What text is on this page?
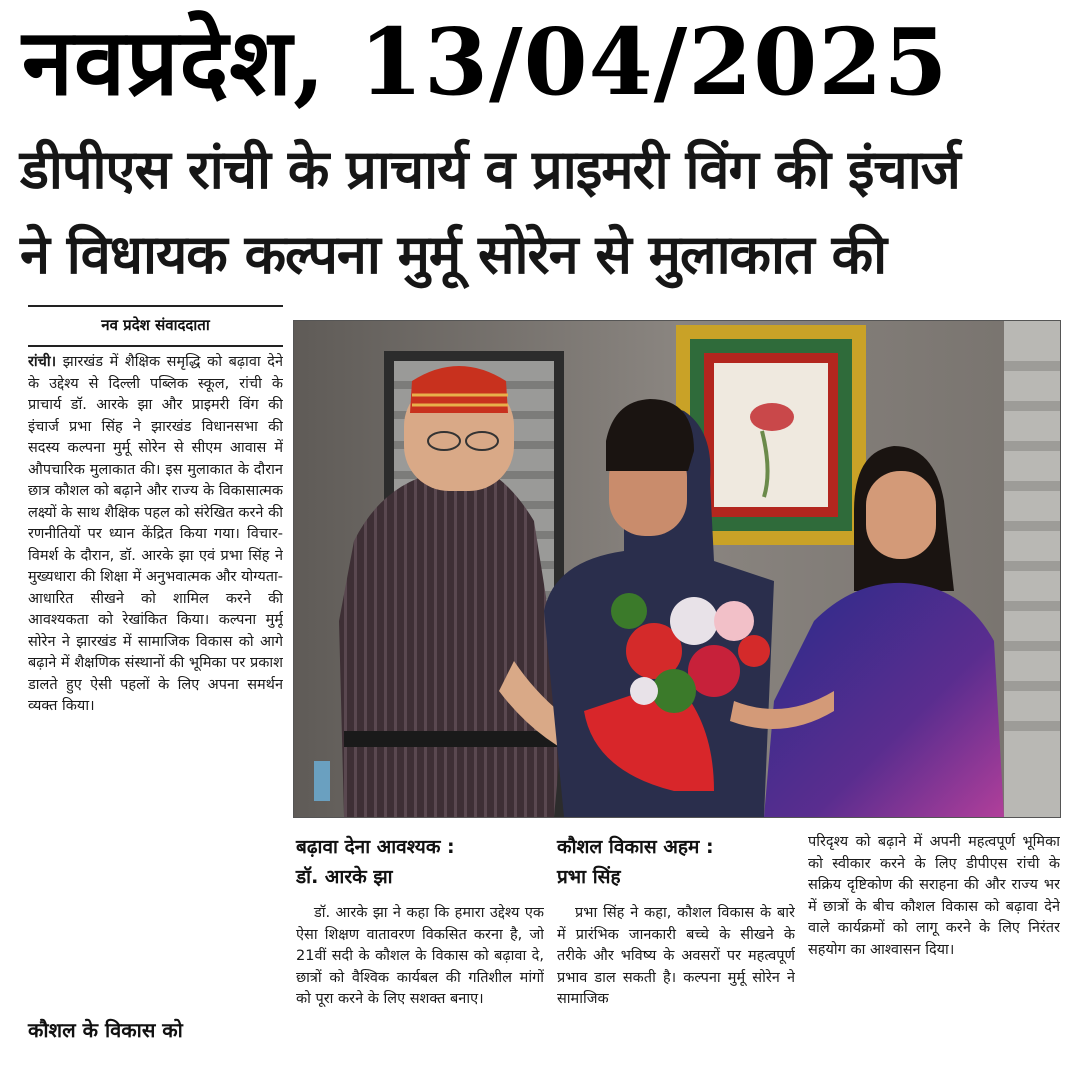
नवप्रदेश, 13/04/2025
डीपीएस रांची के प्राचार्य व प्राइमरी विंग की इंचार्ज
ने विधायक कल्पना मुर्मू सोरेन से मुलाकात की
नव प्रदेश संवाददाता
रांची। झारखंड में शैक्षिक समृद्धि को बढ़ावा देने के उद्देश्य से दिल्ली पब्लिक स्कूल, रांची के प्राचार्य डॉ. आरके झा और प्राइमरी विंग की इंचार्ज प्रभा सिंह ने झारखंड विधानसभा की सदस्य कल्पना मुर्मू सोरेन से सीएम आवास में औपचारिक मुलाकात की। इस मुलाकात के दौरान छात्र कौशल को बढ़ाने और राज्य के विकासात्मक लक्ष्यों के साथ शैक्षिक पहल को संरेखित करने की रणनीतियों पर ध्यान केंद्रित किया गया। विचार-विमर्श के दौरान, डॉ. आरके झा एवं प्रभा सिंह ने मुख्यधारा की शिक्षा में अनुभवात्मक और योग्यता-आधारित सीखने को शामिल करने की आवश्यकता को रेखांकित किया। कल्पना मुर्मू सोरेन ने झारखंड में सामाजिक विकास को आगे बढ़ाने में शैक्षणिक संस्थानों की भूमिका पर प्रकाश डालते हुए ऐसी पहलों के लिए अपना समर्थन व्यक्त किया।
कौशल के विकास को
बढ़ावा देना आवश्यक :
डॉ. आरके झा
कौशल विकास अहम :
प्रभा सिंह
डॉ. आरके झा ने कहा कि हमारा उद्देश्य एक ऐसा शिक्षण वातावरण विकसित करना है, जो 21वीं सदी के कौशल के विकास को बढ़ावा दे, छात्रों को वैश्विक कार्यबल की गतिशील मांगों को पूरा करने के लिए सशक्त बनाए।
प्रभा सिंह ने कहा, कौशल विकास के बारे में प्रारंभिक जानकारी बच्चे के सीखने के तरीके और भविष्य के अवसरों पर महत्वपूर्ण प्रभाव डाल सकती है। कल्पना मुर्मू सोरेन ने सामाजिक
परिदृश्य को बढ़ाने में अपनी महत्वपूर्ण भूमिका को स्वीकार करने के लिए डीपीएस रांची के सक्रिय दृष्टिकोण की सराहना की और राज्य भर में छात्रों के बीच कौशल विकास को बढ़ावा देने वाले कार्यक्रमों को लागू करने के लिए निरंतर सहयोग का आश्वासन दिया।
